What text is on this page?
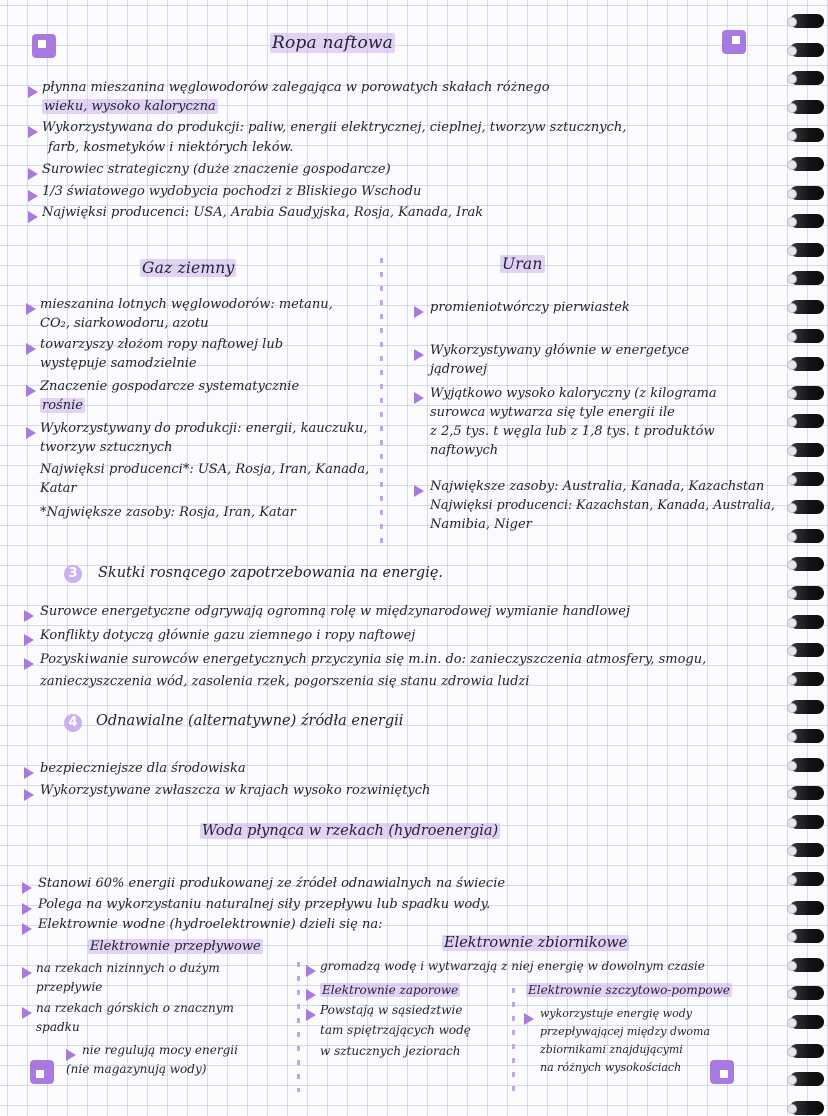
Ropa naftowa
płynna mieszanina węglowodorów zalegająca w porowatych skałach różnego
wieku, wysoko kaloryczna
Wykorzystywana do produkcji: paliw, energii elektrycznej, cieplnej, tworzyw sztucznych,
farb, kosmetyków i niektórych leków.
Surowiec strategiczny (duże znaczenie gospodarcze)
1/3 światowego wydobycia pochodzi z Bliskiego Wschodu
Najwięksi producenci: USA, Arabia Saudyjska, Rosja, Kanada, Irak
Gaz ziemny
mieszanina lotnych węglowodorów: metanu,
CO₂, siarkowodoru, azotu
towarzyszy złożom ropy naftowej lub
występuje samodzielnie
Znaczenie gospodarcze systematycznie
rośnie
Wykorzystywany do produkcji: energii, kauczuku,
tworzyw sztucznych
Najwięksi producenci*: USA, Rosja, Iran, Kanada,
Katar
*Największe zasoby: Rosja, Iran, Katar
Uran
promieniotwórczy pierwiastek
Wykorzystywany głównie w energetyce
jądrowej
Wyjątkowo wysoko kaloryczny (z kilograma
surowca wytwarza się tyle energii ile
z 2,5 tys. t węgla lub z 1,8 tys. t produktów
naftowych
Największe zasoby: Australia, Kanada, Kazachstan
Najwięksi producenci: Kazachstan, Kanada, Australia,
Namibia, Niger
3	Skutki rosnącego zapotrzebowania na energię.
Surowce energetyczne odgrywają ogromną rolę w międzynarodowej wymianie handlowej
Konflikty dotyczą głównie gazu ziemnego i ropy naftowej
Pozyskiwanie surowców energetycznych przyczynia się m.in. do: zanieczyszczenia atmosfery, smogu,
zanieczyszczenia wód, zasolenia rzek, pogorszenia się stanu zdrowia ludzi
4	Odnawialne (alternatywne) źródła energii
bezpieczniejsze dla środowiska
Wykorzystywane zwłaszcza w krajach wysoko rozwiniętych
Woda płynąca w rzekach (hydroenergia)
Stanowi 60% energii produkowanej ze źródeł odnawialnych na świecie
Polega na wykorzystaniu naturalnej siły przepływu lub spadku wody.
Elektrownie wodne (hydroelektrownie) dzieli się na:
Elektrownie przepływowe	Elektrownie zbiornikowe
na rzekach nizinnych o dużym
przepływie
na rzekach górskich o znacznym
spadku
nie regulują mocy energii
(nie magazynują wody)
gromadzą wodę i wytwarzają z niej energię w dowolnym czasie
Elektrownie zaporowe
Powstają w sąsiedztwie
tam spiętrzających wodę
w sztucznych jeziorach
Elektrownie szczytowo-pompowe
wykorzystuje energię wody
przepływającej między dwoma
zbiornikami znajdującymi
na różnych wysokościach
